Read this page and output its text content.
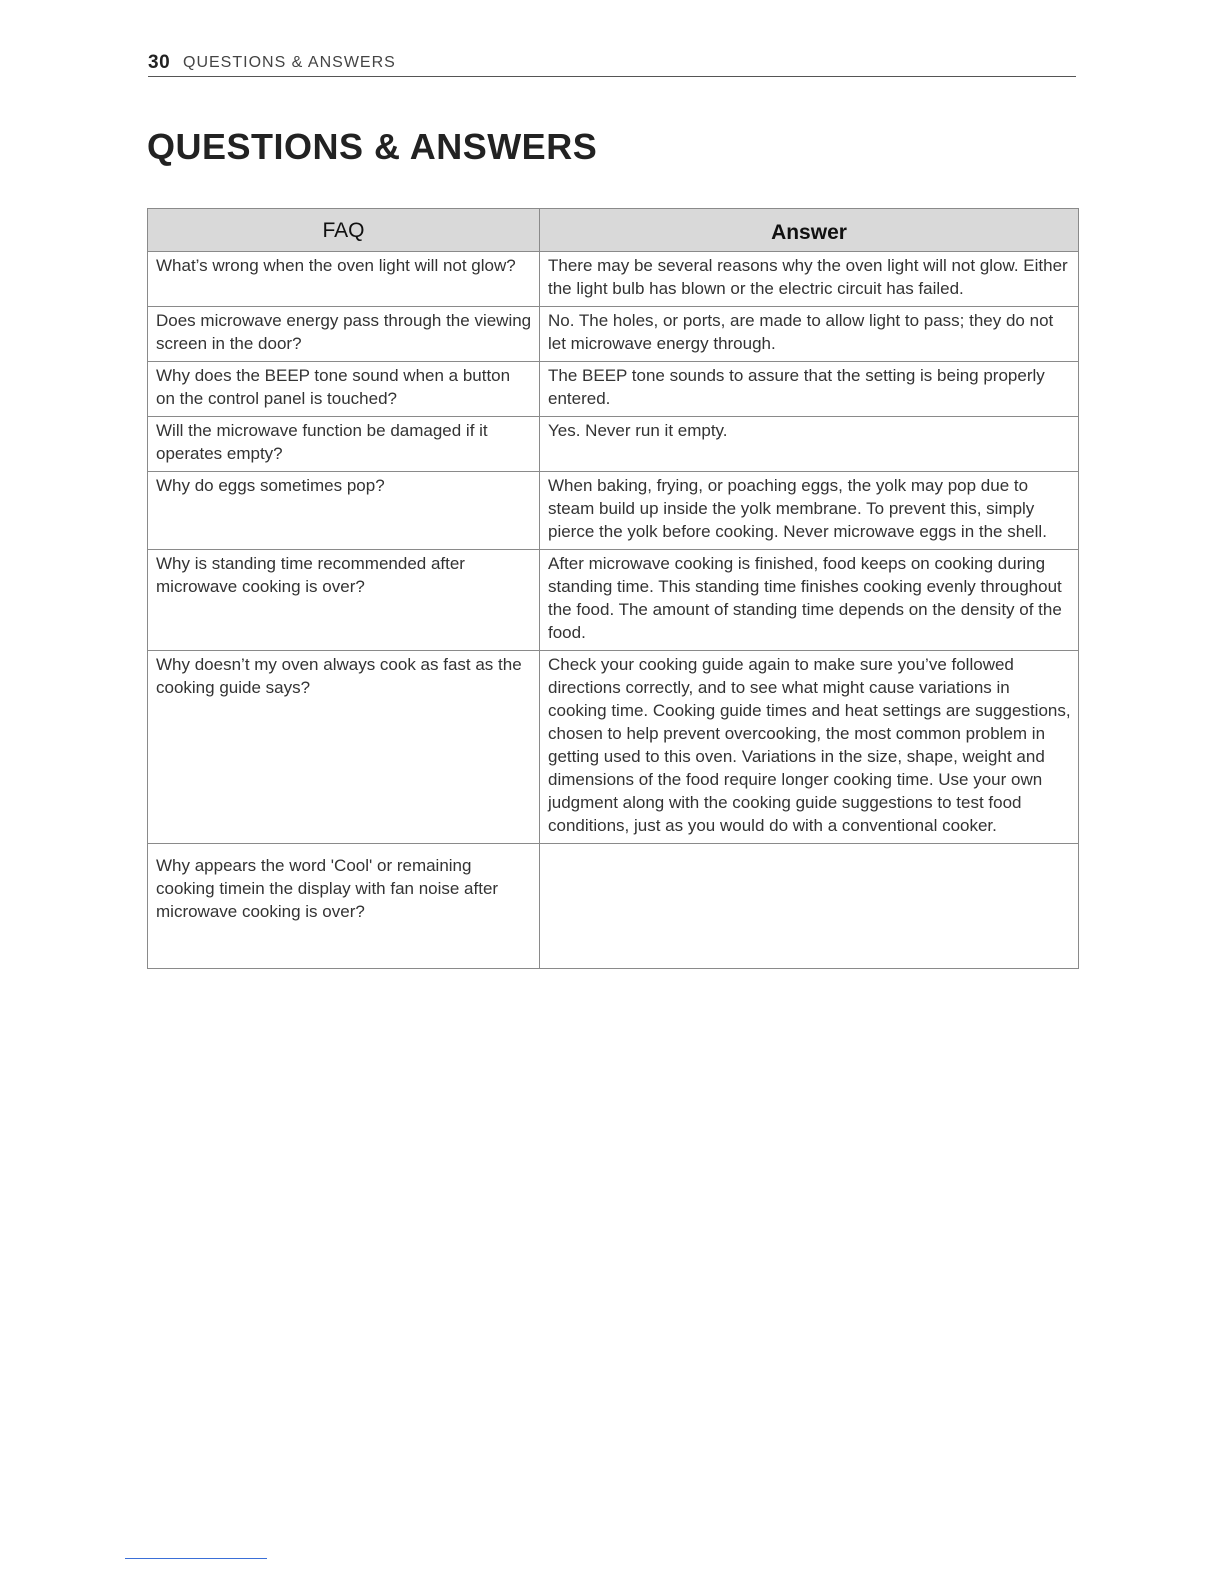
30 QUESTIONS & ANSWERS
QUESTIONS & ANSWERS
FAQ	Answer
What’s wrong when the oven light will not glow?	There may be several reasons why the oven light will not glow. Either the light bulb has blown or the electric circuit has failed.
Does microwave energy pass through the viewing screen in the door?	No. The holes, or ports, are made to allow light to pass; they do not let microwave energy through.
Why does the BEEP tone sound when a button on the control panel is touched?	The BEEP tone sounds to assure that the setting is being properly entered.
Will the microwave function be damaged if it operates empty?	Yes. Never run it empty.
Why do eggs sometimes pop?	When baking, frying, or poaching eggs, the yolk may pop due to steam build up inside the yolk membrane. To prevent this, simply pierce the yolk before cooking. Never microwave eggs in the shell.
Why is standing time recommended after microwave cooking is over?	After microwave cooking is finished, food keeps on cooking during standing time. This standing time finishes cooking evenly throughout the food. The amount of standing time depends on the density of the food.
Why doesn’t my oven always cook as fast as the cooking guide says?	Check your cooking guide again to make sure you’ve followed directions correctly, and to see what might cause variations in cooking time. Cooking guide times and heat settings are suggestions, chosen to help prevent overcooking, the most common problem in getting used to this oven. Variations in the size, shape, weight and dimensions of the food require longer cooking time. Use your own judgment along with the cooking guide suggestions to test food conditions, just as you would do with a conventional cooker.
Why appears the word 'Cool' or remaining cooking timein the display with fan noise after microwave cooking is over?	
